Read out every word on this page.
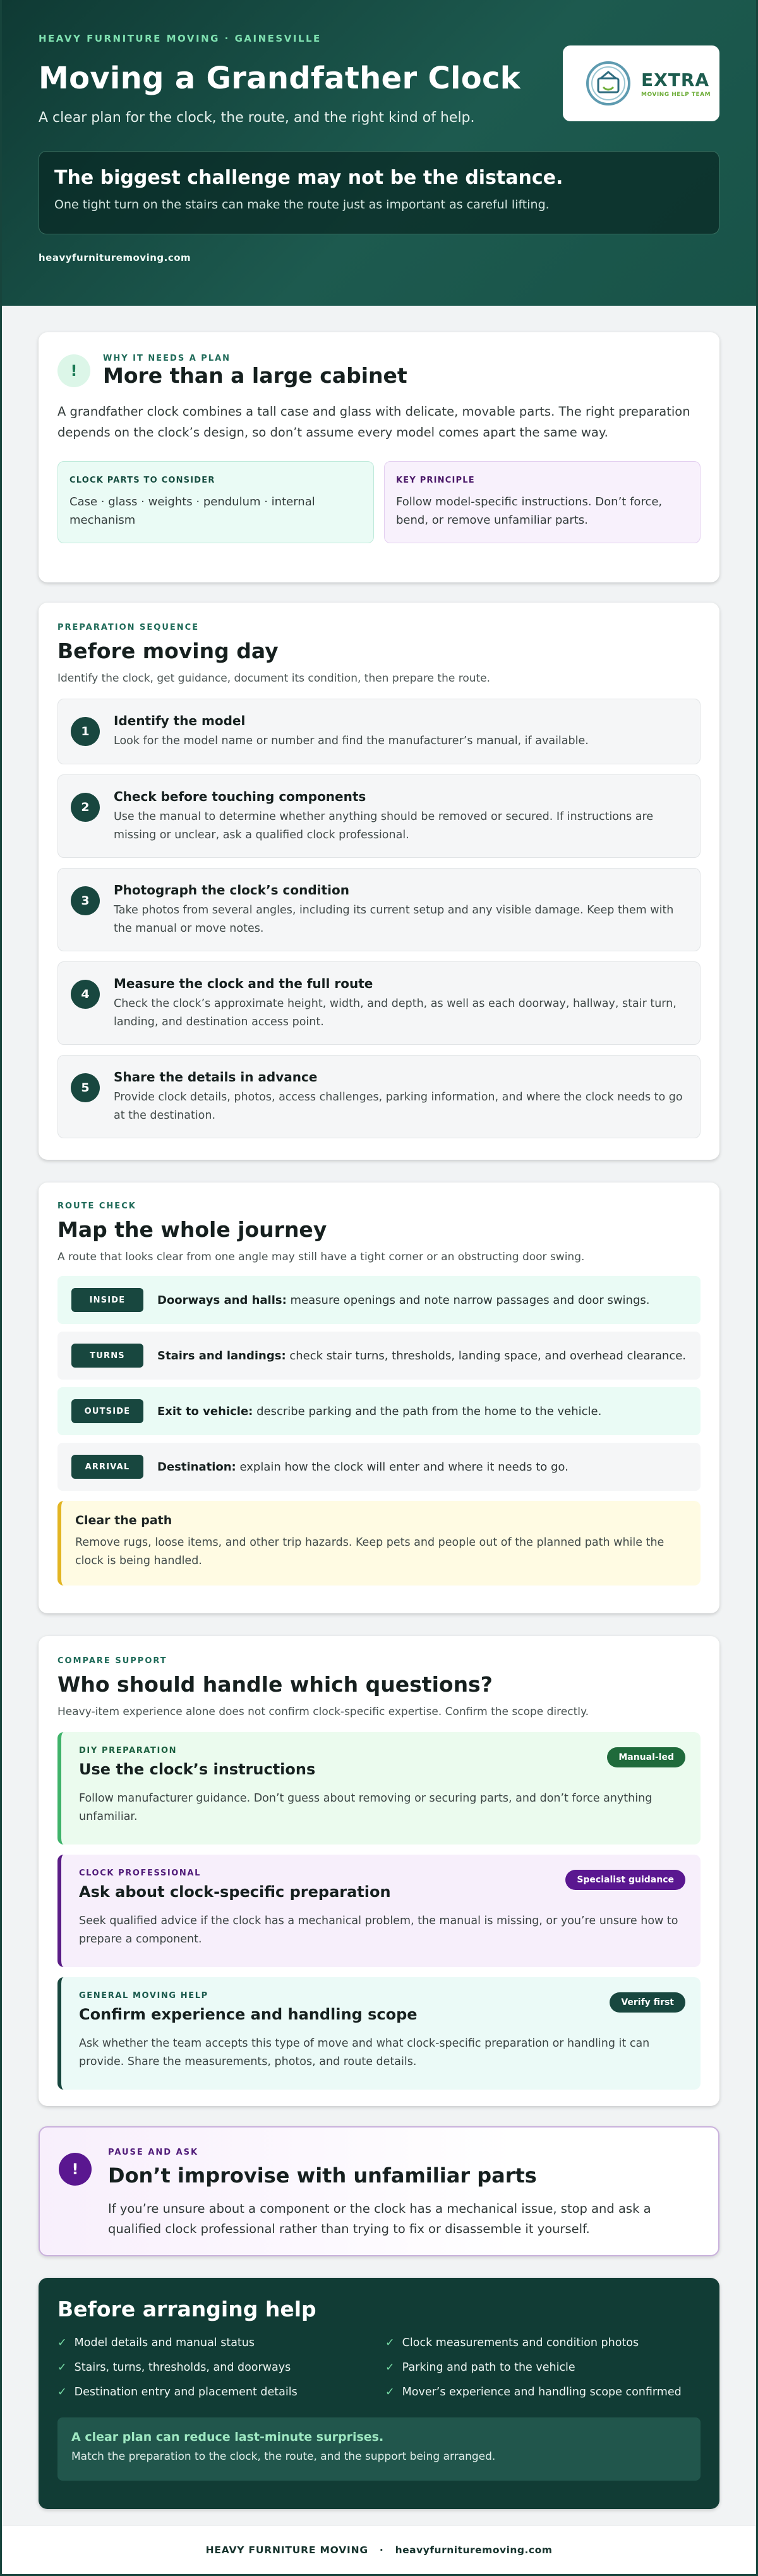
HEAVY FURNITURE MOVING · GAINESVILLE
Moving a Grandfather Clock

A clear plan for the clock, the route, and the right kind of help.

EXTRA
MOVING HELP TEAM
The biggest challenge may not be the distance.
One tight turn on the stairs can make the route just as important as careful lifting.
heavyfurnituremoving.com
!
WHY IT NEEDS A PLAN
More than a large cabinet

A grandfather clock combines a tall case and glass with delicate, movable parts. The right preparation depends on the clock’s design, so don’t assume every model comes apart the same way.

CLOCK PARTS TO CONSIDER
Case · glass · weights · pendulum · internal mechanism
KEY PRINCIPLE
Follow model-specific instructions. Don’t force, bend, or remove unfamiliar parts.
PREPARATION SEQUENCE
Before moving day

Identify the clock, get guidance, document its condition, then prepare the route.

1
Identify the model
Look for the model name or number and find the manufacturer’s manual, if available.
2
Check before touching components
Use the manual to determine whether anything should be removed or secured. If instructions are missing or unclear, ask a qualified clock professional.
3
Photograph the clock’s condition
Take photos from several angles, including its current setup and any visible damage. Keep them with the manual or move notes.
4
Measure the clock and the full route
Check the clock’s approximate height, width, and depth, as well as each doorway, hallway, stair turn, landing, and destination access point.
5
Share the details in advance
Provide clock details, photos, access challenges, parking information, and where the clock needs to go at the destination.
ROUTE CHECK
Map the whole journey

A route that looks clear from one angle may still have a tight corner or an obstructing door swing.

INSIDE	Doorways and halls: measure openings and note narrow passages and door swings.
TURNS	Stairs and landings: check stair turns, thresholds, landing space, and overhead clearance.
OUTSIDE	Exit to vehicle: describe parking and the path from the home to the vehicle.
ARRIVAL	Destination: explain how the clock will enter and where it needs to go.
Clear the path
Remove rugs, loose items, and other trip hazards. Keep pets and people out of the planned path while the clock is being handled.
COMPARE SUPPORT
Who should handle which questions?

Heavy-item experience alone does not confirm clock-specific expertise. Confirm the scope directly.

DIY PREPARATION
Use the clock’s instructions
Manual-led
Follow manufacturer guidance. Don’t guess about removing or securing parts, and don’t force anything unfamiliar.
CLOCK PROFESSIONAL
Ask about clock-specific preparation
Specialist guidance
Seek qualified advice if the clock has a mechanical problem, the manual is missing, or you’re unsure how to prepare a component.
GENERAL MOVING HELP
Confirm experience and handling scope
Verify first
Ask whether the team accepts this type of move and what clock-specific preparation or handling it can provide. Share the measurements, photos, and route details.
!
PAUSE AND ASK
Don’t improvise with unfamiliar parts

If you’re unsure about a component or the clock has a mechanical issue, stop and ask a qualified clock professional rather than trying to fix or disassemble it yourself.

Before arranging help
✓ Model details and manual status	✓ Clock measurements and condition photos
✓ Stairs, turns, thresholds, and doorways	✓ Parking and path to the vehicle
✓ Destination entry and placement details	✓ Mover’s experience and handling scope confirmed
A clear plan can reduce last-minute surprises.
Match the preparation to the clock, the route, and the support being arranged.
HEAVY FURNITURE MOVING · heavyfurnituremoving.com
